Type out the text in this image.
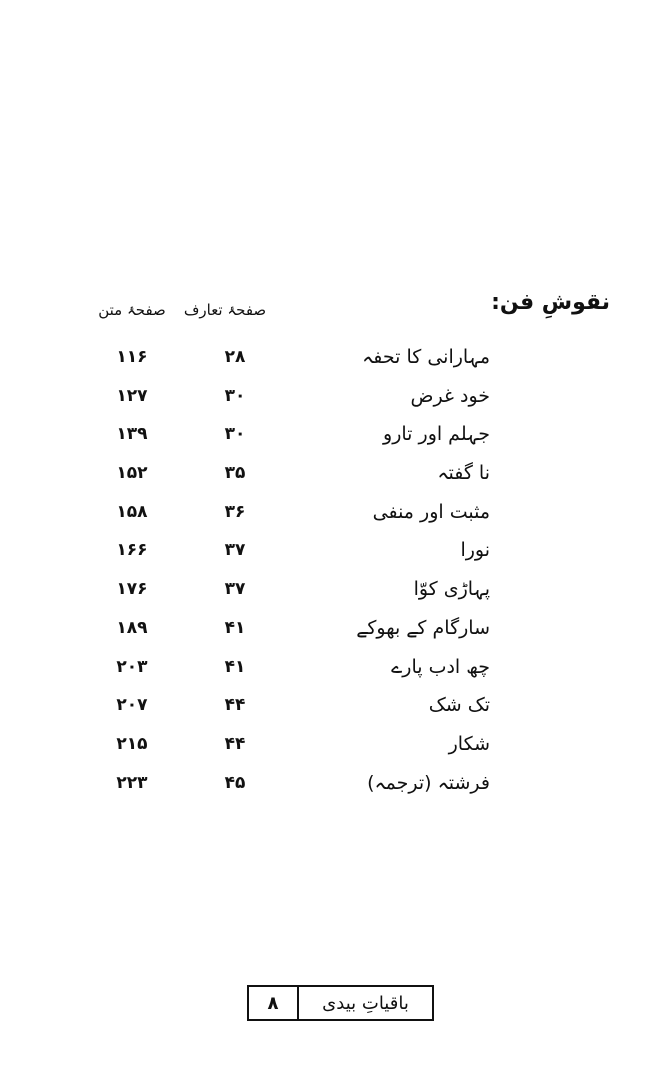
نقوشِ فن:
صفحۂ تعارف
صفحۂ متن
مہارانی کا تحفہ
۲۸
۱۱۶
خود غرض
۳۰
۱۲۷
جہلم اور تارو
۳۰
۱۳۹
نا گفتہ
۳۵
۱۵۲
مثبت اور منفی
۳۶
۱۵۸
نورا
۳۷
۱۶۶
پہاڑی کوّا
۳۷
۱۷۶
سارگام کے بھوکے
۴۱
۱۸۹
چھ ادب پارے
۴۱
۲۰۳
تک شک
۴۴
۲۰۷
شکار
۴۴
۲۱۵
فرشتہ (ترجمہ)
۴۵
۲۲۳
۸	باقیاتِ بیدی
